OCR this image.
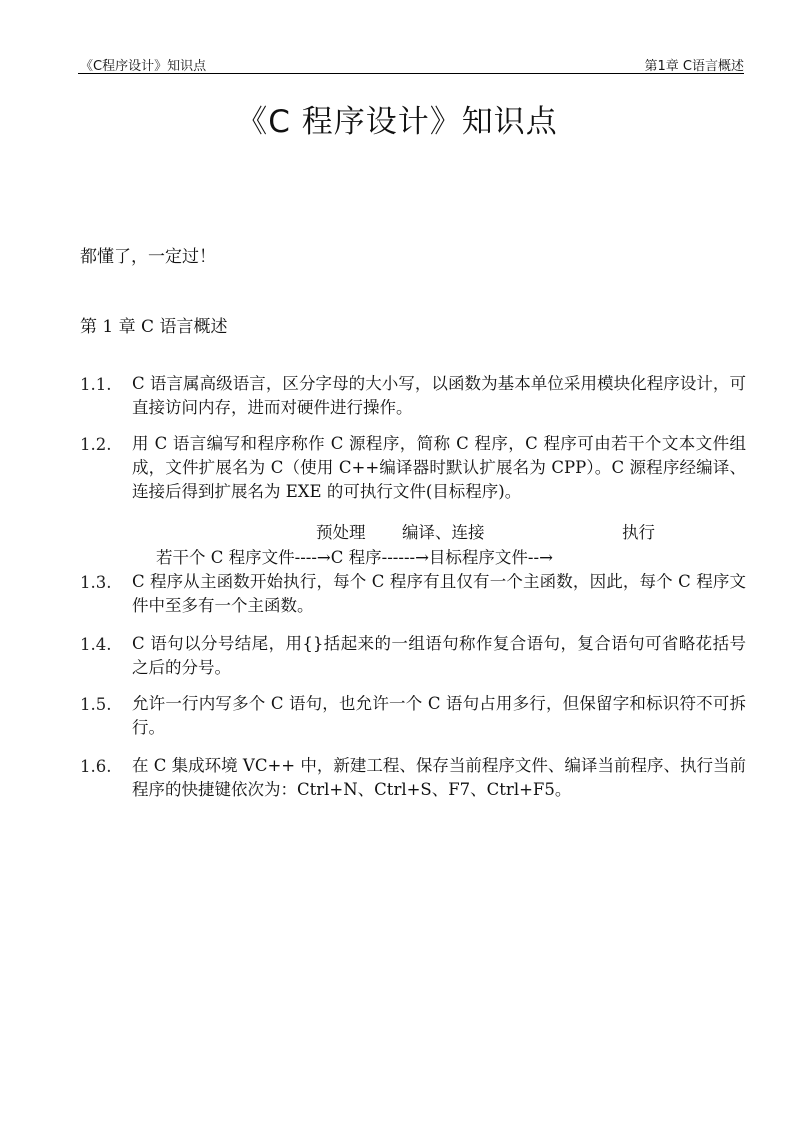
《C程序设计》知识点	第1章 C语言概述
《C 程序设计》知识点
都懂了，一定过！
第 1 章 C 语言概述
1.1.	C 语言属高级语言，区分字母的大小写，以函数为基本单位采用模块化程序设计，可直接访问内存，进而对硬件进行操作。
1.2.	用 C 语言编写和程序称作 C 源程序，简称 C 程序，C 程序可由若干个文本文件组成，文件扩展名为 C（使用 C++编译器时默认扩展名为 CPP）。C 源程序经编译、连接后得到扩展名为 EXE 的可执行文件(目标程序)。
预处理 编译、连接	执行
若干个 C 程序文件----→C 程序------→目标程序文件--→
1.3.	C 程序从主函数开始执行，每个 C 程序有且仅有一个主函数，因此，每个 C 程序文件中至多有一个主函数。
1.4.	C 语句以分号结尾，用{}括起来的一组语句称作复合语句，复合语句可省略花括号之后的分号。
1.5.	允许一行内写多个 C 语句，也允许一个 C 语句占用多行，但保留字和标识符不可拆行。
1.6.	在 C 集成环境 VC++ 中，新建工程、保存当前程序文件、编译当前程序、执行当前程序的快捷键依次为：Ctrl+N、Ctrl+S、F7、Ctrl+F5。
